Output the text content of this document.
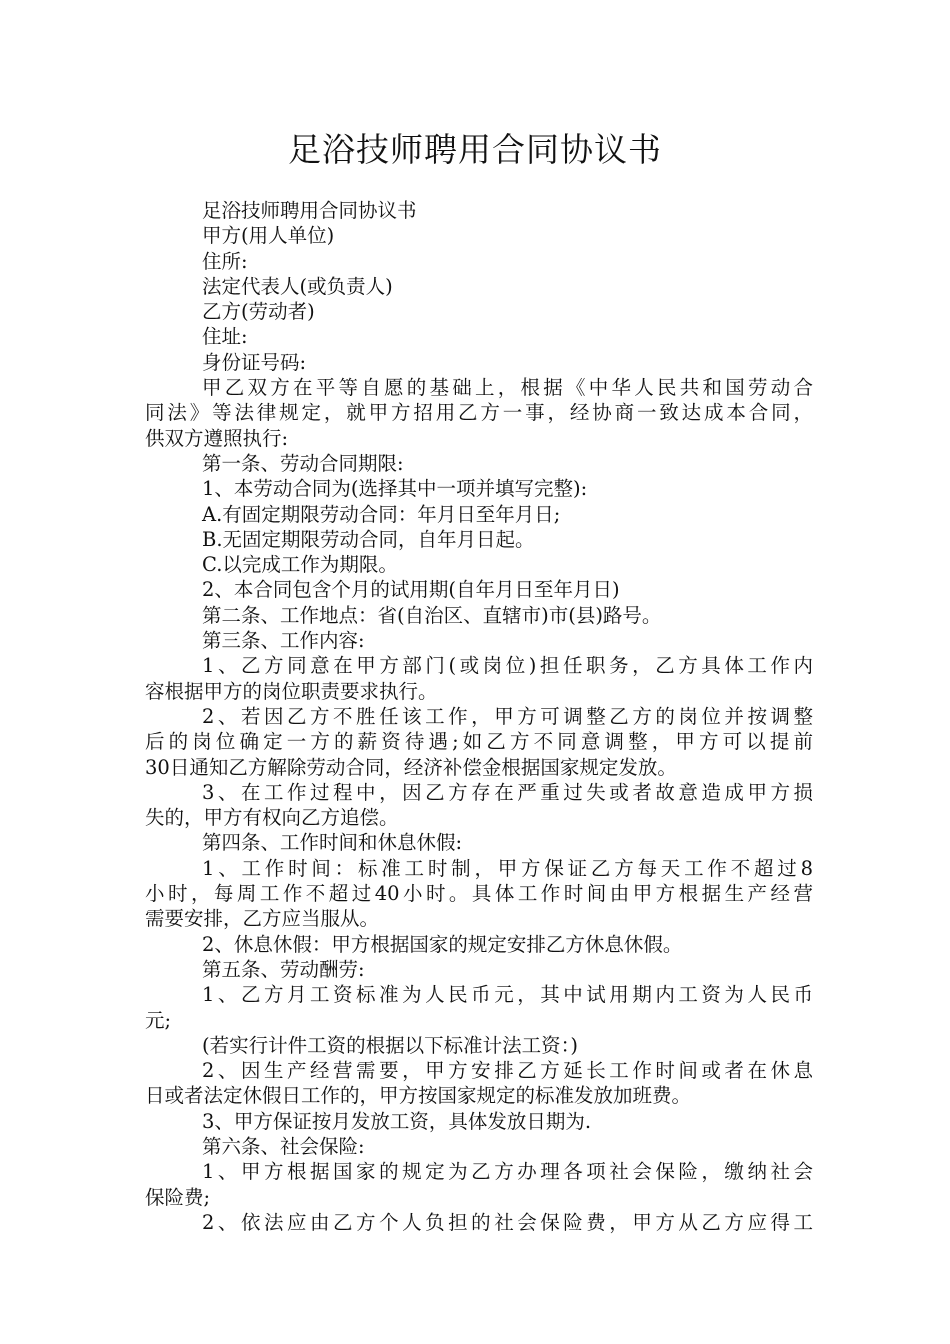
足浴技师聘用合同协议书
足浴技师聘用合同协议书
甲方(用人单位)
住所:
法定代表人(或负责人)
乙方(劳动者)
住址:
身份证号码:
甲乙双方在平等自愿的基础上，根据《中华人民共和国劳动合
同法》等法律规定，就甲方招用乙方一事，经协商一致达成本合同，
供双方遵照执行:
第一条、劳动合同期限:
1、本劳动合同为(选择其中一项并填写完整):
A.有固定期限劳动合同：年月日至年月日;
B.无固定期限劳动合同，自年月日起。
C.以完成工作为期限。
2、本合同包含个月的试用期(自年月日至年月日)
第二条、工作地点：省(自治区、直辖市)市(县)路号。
第三条、工作内容:
1、乙方同意在甲方部门(或岗位)担任职务，乙方具体工作内
容根据甲方的岗位职责要求执行。
2、若因乙方不胜任该工作，甲方可调整乙方的岗位并按调整
后的岗位确定一方的薪资待遇;如乙方不同意调整，甲方可以提前
30日通知乙方解除劳动合同，经济补偿金根据国家规定发放。
3、在工作过程中，因乙方存在严重过失或者故意造成甲方损
失的，甲方有权向乙方追偿。
第四条、工作时间和休息休假:
1、工作时间：标准工时制，甲方保证乙方每天工作不超过8
小时，每周工作不超过40小时。具体工作时间由甲方根据生产经营
需要安排，乙方应当服从。
2、休息休假：甲方根据国家的规定安排乙方休息休假。
第五条、劳动酬劳:
1、乙方月工资标准为人民币元，其中试用期内工资为人民币
元;
(若实行计件工资的根据以下标准计法工资：)
2、因生产经营需要，甲方安排乙方延长工作时间或者在休息
日或者法定休假日工作的，甲方按国家规定的标准发放加班费。
3、甲方保证按月发放工资，具体发放日期为.
第六条、社会保险:
1、甲方根据国家的规定为乙方办理各项社会保险，缴纳社会
保险费;
2、依法应由乙方个人负担的社会保险费，甲方从乙方应得工
